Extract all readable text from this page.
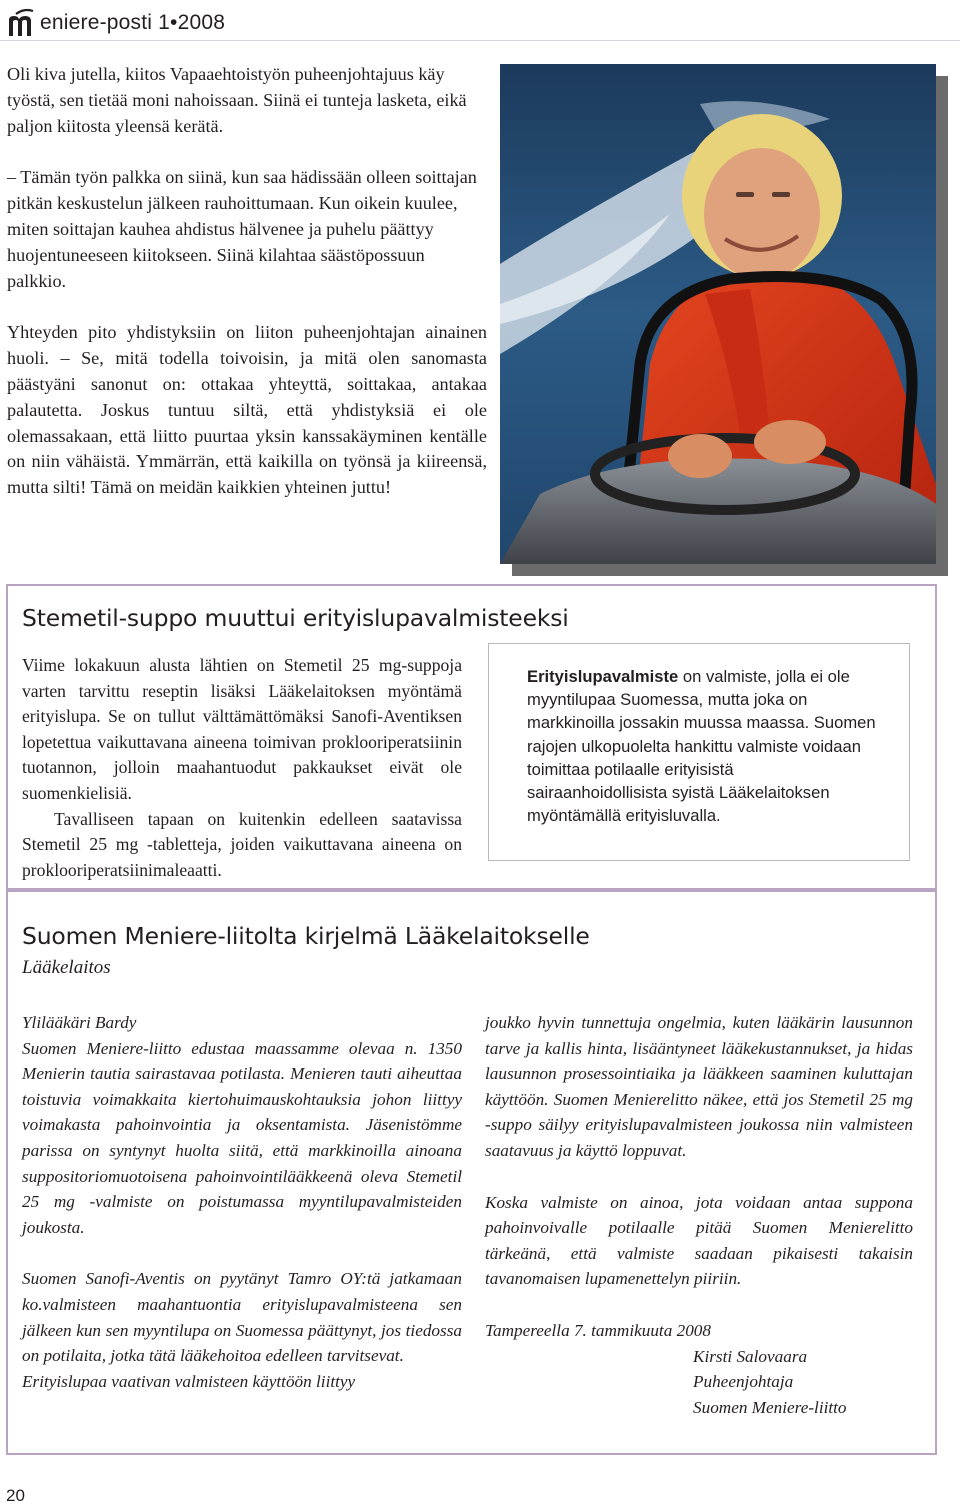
eniere-posti 1•2008

Oli kiva jutella, kiitos Vapaaehtoistyön puheenjohtajuus käy työstä, sen tietää moni nahoissaan. Siinä ei tunteja lasketa, eikä paljon kiitosta yleensä kerätä.

– Tämän työn palkka on siinä, kun saa hädissään olleen soittajan pitkän keskustelun jälkeen rauhoittumaan. Kun oikein kuulee, miten soittajan kauhea ahdistus hälvenee ja puhelu päättyy huojentuneeseen kiitokseen. Siinä kilahtaa säästöpossuun palkkio.

Yhteyden pito yhdistyksiin on liiton puheenjohtajan ainainen huoli. – Se, mitä todella toivoisin, ja mitä olen sanomasta päästyäni sanonut on: ottakaa yhteyttä, soittakaa, antakaa palautetta. Joskus tuntuu siltä, että yhdistyksiä ei ole olemassakaan, että liitto puurtaa yksin kanssakäyminen kentälle on niin vähäistä. Ymmärrän, että kaikilla on työnsä ja kiireensä, mutta silti! Tämä on meidän kaikkien yhteinen juttu!

Stemetil-suppo muuttui erityislupavalmisteeksi

Viime lokakuun alusta lähtien on Stemetil 25 mg-suppoja varten tarvittu reseptin lisäksi Lääkelaitoksen myöntämä erityislupa. Se on tullut välttämättömäksi Sanofi-Aventiksen lopetettua vaikuttavana aineena toimivan proklooriperatsiinin tuotannon, jolloin maahantuodut pakkaukset eivät ole suomenkielisiä.

Tavalliseen tapaan on kuitenkin edelleen saatavissa Stemetil 25 mg -tabletteja, joiden vaikuttavana aineena on proklooriperatsiinimaleaatti.

Erityislupavalmiste on valmiste, jolla ei ole myyntilupaa Suomessa, mutta joka on markkinoilla jossakin muussa maassa. Suomen rajojen ulkopuolelta hankittu valmiste voidaan toimittaa potilaalle erityisistä sairaanhoidollisista syistä Lääkelaitoksen myöntämällä erityisluvalla.
Suomen Meniere-liitolta kirjelmä Lääkelaitokselle
Lääkelaitos

Ylilääkäri Bardy

Suomen Meniere-liitto edustaa maassamme olevaa n. 1350 Menierin tautia sairastavaa potilasta. Menieren tauti aiheuttaa toistuvia voimakkaita kiertohuimauskohtauksia johon liittyy voimakasta pahoinvointia ja oksentamista. Jäsenistömme parissa on syntynyt huolta siitä, että markkinoilla ainoana suppositoriomuotoisena pahoinvointilääkkeenä oleva Stemetil 25 mg -valmiste on poistumassa myyntilupavalmisteiden joukosta.

Suomen Sanofi-Aventis on pyytänyt Tamro OY:tä jatkamaan ko.valmisteen maahantuontia erityislupavalmisteena sen jälkeen kun sen myyntilupa on Suomessa päättynyt, jos tiedossa on potilaita, jotka tätä lääkehoitoa edelleen tarvitsevat.

Erityislupaa vaativan valmisteen käyttöön liittyy

joukko hyvin tunnettuja ongelmia, kuten lääkärin lausunnon tarve ja kallis hinta, lisääntyneet lääkekustannukset, ja hidas lausunnon prosessointiaika ja lääkkeen saaminen kuluttajan käyttöön. Suomen Menierelitto näkee, että jos Stemetil 25 mg -suppo säilyy erityislupavalmisteen joukossa niin valmisteen saatavuus ja käyttö loppuvat.

Koska valmiste on ainoa, jota voidaan antaa suppona pahoinvoivalle potilaalle pitää Suomen Menierelitto tärkeänä, että valmiste saadaan pikaisesti takaisin tavanomaisen lupamenettelyn piiriin.

Tampereella 7. tammikuuta 2008

Kirsti Salovaara

Puheenjohtaja

Suomen Meniere-liitto

20
